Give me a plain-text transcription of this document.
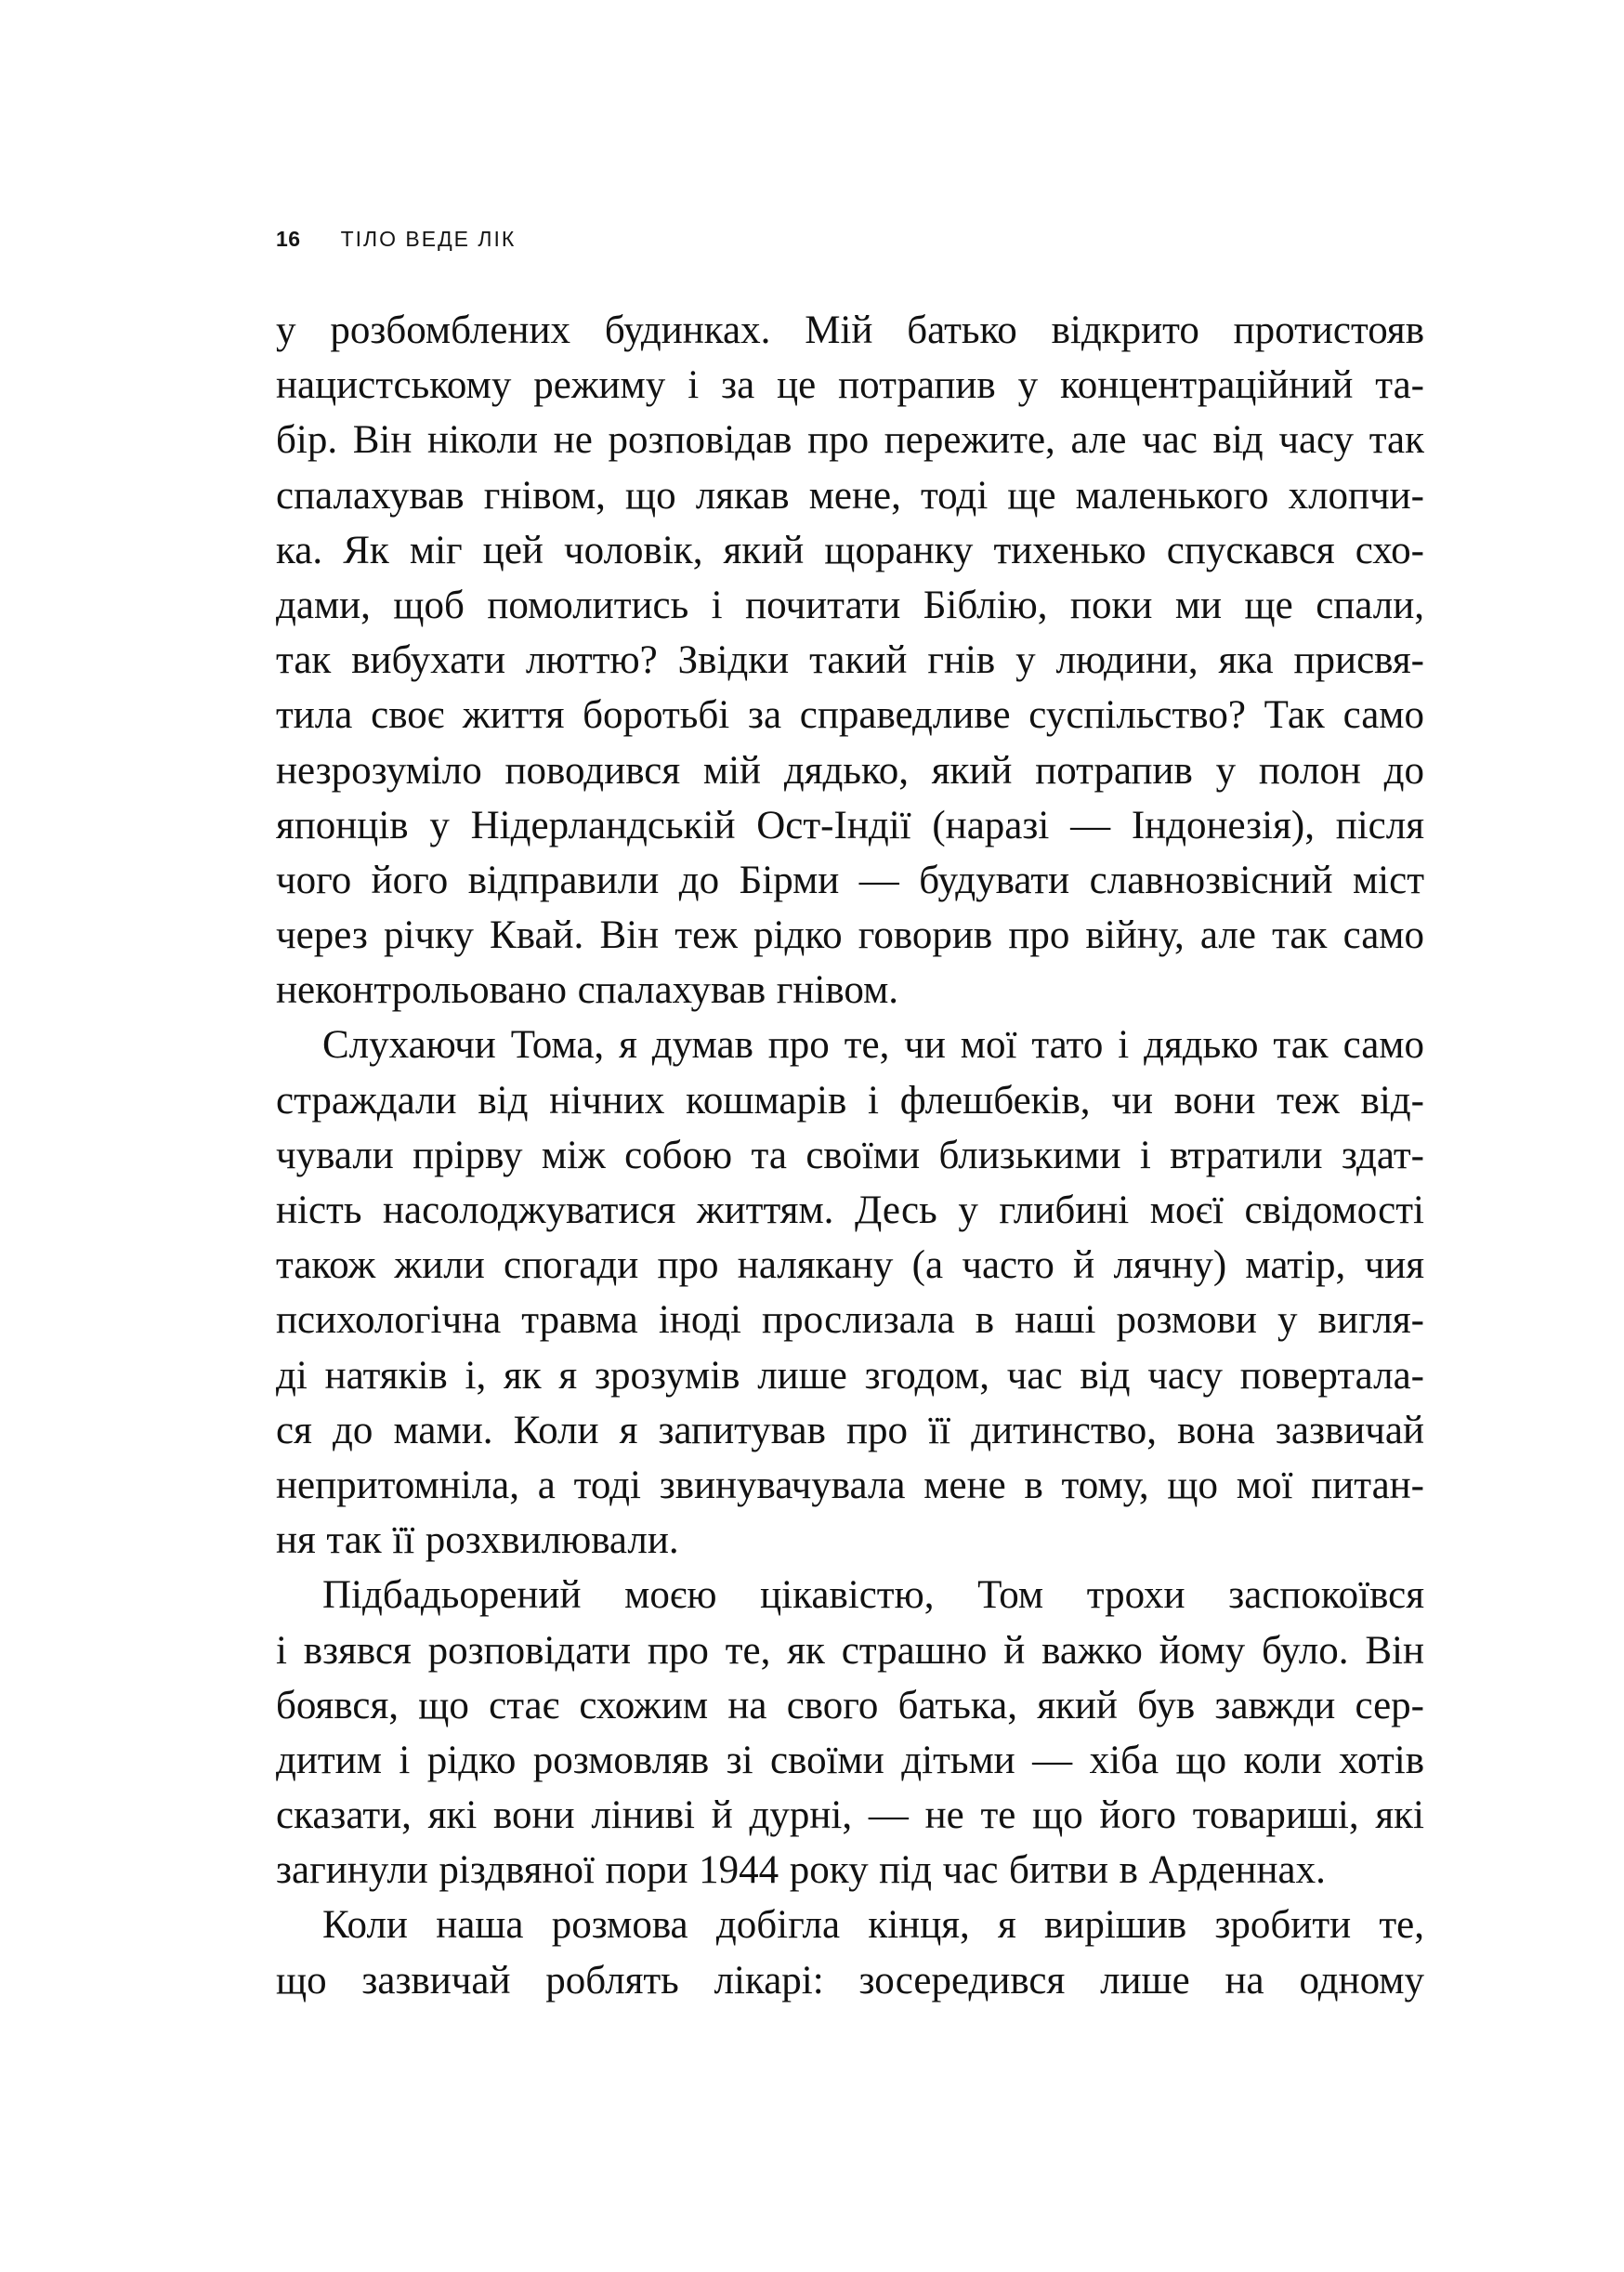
16 ТІЛО ВЕДЕ ЛІК
у розбомблених будинках. Мій батько відкрито протистояв
нацистському режиму і за це потрапив у концентраційний та-
бір. Він ніколи не розповідав про пережите, але час від часу так
спалахував гнівом, що лякав мене, тоді ще маленького хлопчи-
ка. Як міг цей чоловік, який щоранку тихенько спускався схо-
дами, щоб помолитись і почитати Біблію, поки ми ще спали,
так вибухати люттю? Звідки такий гнів у людини, яка присвя-
тила своє життя боротьбі за справедливе суспільство? Так само
незрозуміло поводився мій дядько, який потрапив у полон до
японців у Нідерландській Ост-Індії (наразі — Індонезія), після
чого його відправили до Бірми — будувати славнозвісний міст
через річку Квай. Він теж рідко говорив про війну, але так само
неконтрольовано спалахував гнівом.
Слухаючи Тома, я думав про те, чи мої тато і дядько так само
страждали від нічних кошмарів і флешбеків, чи вони теж від-
чували прірву між собою та своїми близькими і втратили здат-
ність насолоджуватися життям. Десь у глибині моєї свідомості
також жили спогади про налякану (а часто й лячну) матір, чия
психологічна травма іноді прослизала в наші розмови у вигля-
ді натяків і, як я зрозумів лише згодом, час від часу повертала-
ся до мами. Коли я запитував про її дитинство, вона зазвичай
непритомніла, а тоді звинувачувала мене в тому, що мої питан-
ня так її розхвилювали.
Підбадьорений моєю цікавістю, Том трохи заспокоївся
і взявся розповідати про те, як страшно й важко йому було. Він
боявся, що стає схожим на свого батька, який був завжди сер-
дитим і рідко розмовляв зі своїми дітьми — хіба що коли хотів
сказати, які вони ліниві й дурні, — не те що його товариші, які
загинули різдвяної пори 1944 року під час битви в Арденнах.
Коли наша розмова добігла кінця, я вирішив зробити те,
що зазвичай роблять лікарі: зосередився лише на одному
